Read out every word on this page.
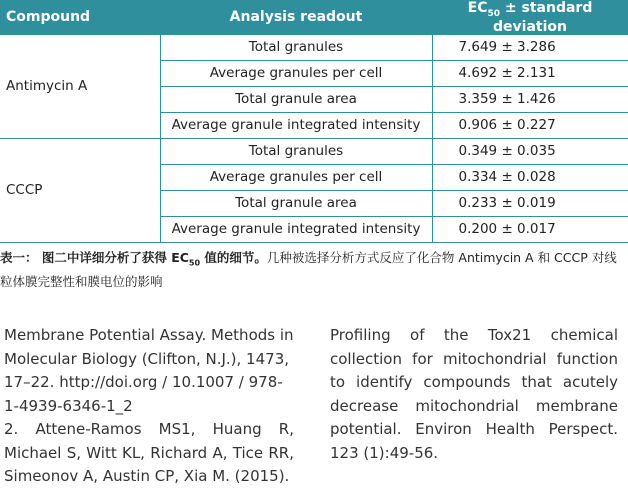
Compound	Analysis readout	$EC_{50}$ ± standard deviation
Antimycin A	Total granules	7.649 ± 3.286
	Average granules per cell	4.692 ± 2.131
	Total granule area	3.359 ± 1.426
	Average granule integrated intensity	0.906 ± 0.227
CCCP	Total granules	0.349 ± 0.035
	Average granules per cell	0.334 ± 0.028
	Total granule area	0.233 ± 0.019
	Average granule integrated intensity	0.200 ± 0.017
表一： 图二中详细分析了获得 $EC_{50}$ 值的细节。几种被选择分析方式反应了化合物 Antimycin A 和 CCCP 对线粒体膜完整性和膜电位的影响

Membrane Potential Assay. Methods in Molecular Biology (Clifton, N.J.), 1473, 17–22. http://doi.org / 10.1007 / 978-1-4939-6346-1_2

2. Attene-Ramos MS1, Huang R, Michael S, Witt KL, Richard A, Tice RR, Simeonov A, Austin CP, Xia M. (2015).

Profiling of the Tox21 chemical collection for mitochondrial function to identify compounds that acutely decrease mitochondrial membrane potential. Environ Health Perspect. 123 (1):49-56.
